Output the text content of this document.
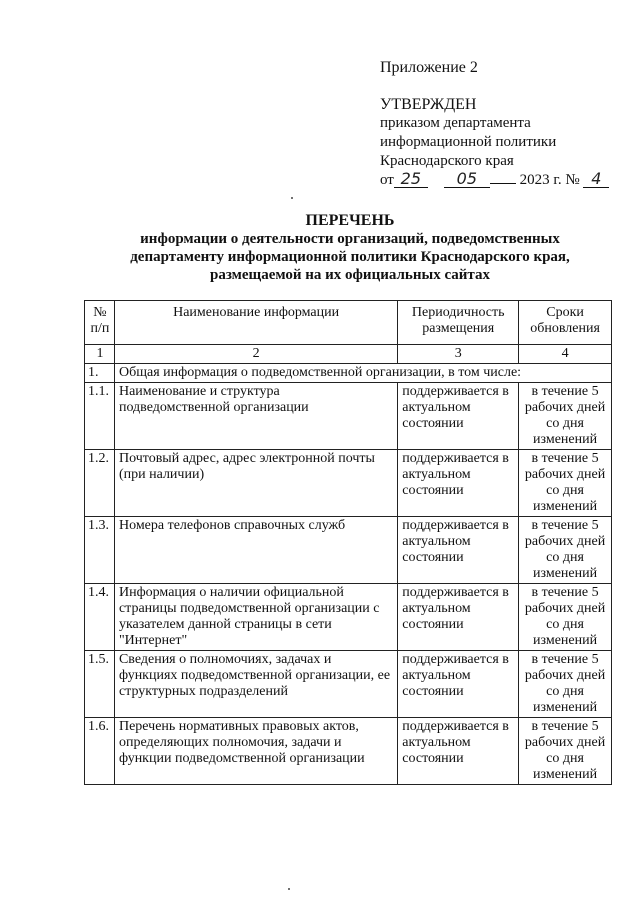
Приложение 2
УТВЕРЖДЕН
приказом департамента
информационной политики
Краснодарского края
от 25 05	2023 г. № 4
ПЕРЕЧЕНЬ
информации о деятельности организаций, подведомственных
департаменту информационной политики Краснодарского края,
размещаемой на их официальных сайтах
№ п/п	Наименование информации	Периодичность размещения	Сроки обновления
1	2	3	4
1.	Общая информация о подведомственной организации, в том числе:		
1.1.	Наименование и структура подведомственной организации	поддерживается в актуальном состоянии	в течение 5 рабочих дней со дня изменений
1.2.	Почтовый адрес, адрес электронной почты (при наличии)	поддерживается в актуальном состоянии	в течение 5 рабочих дней со дня изменений
1.3.	Номера телефонов справочных служб	поддерживается в актуальном состоянии	в течение 5 рабочих дней со дня изменений
1.4.	Информация о наличии официальной страницы подведомственной организации с указателем данной страницы в сети "Интернет"	поддерживается в актуальном состоянии	в течение 5 рабочих дней со дня изменений
1.5.	Сведения о полномочиях, задачах и функциях подведомственной организации, ее структурных подразделений	поддерживается в актуальном состоянии	в течение 5 рабочих дней со дня изменений
1.6.	Перечень нормативных правовых актов, определяющих полномочия, задачи и функции подведомственной организации	поддерживается в актуальном состоянии	в течение 5 рабочих дней со дня изменений
